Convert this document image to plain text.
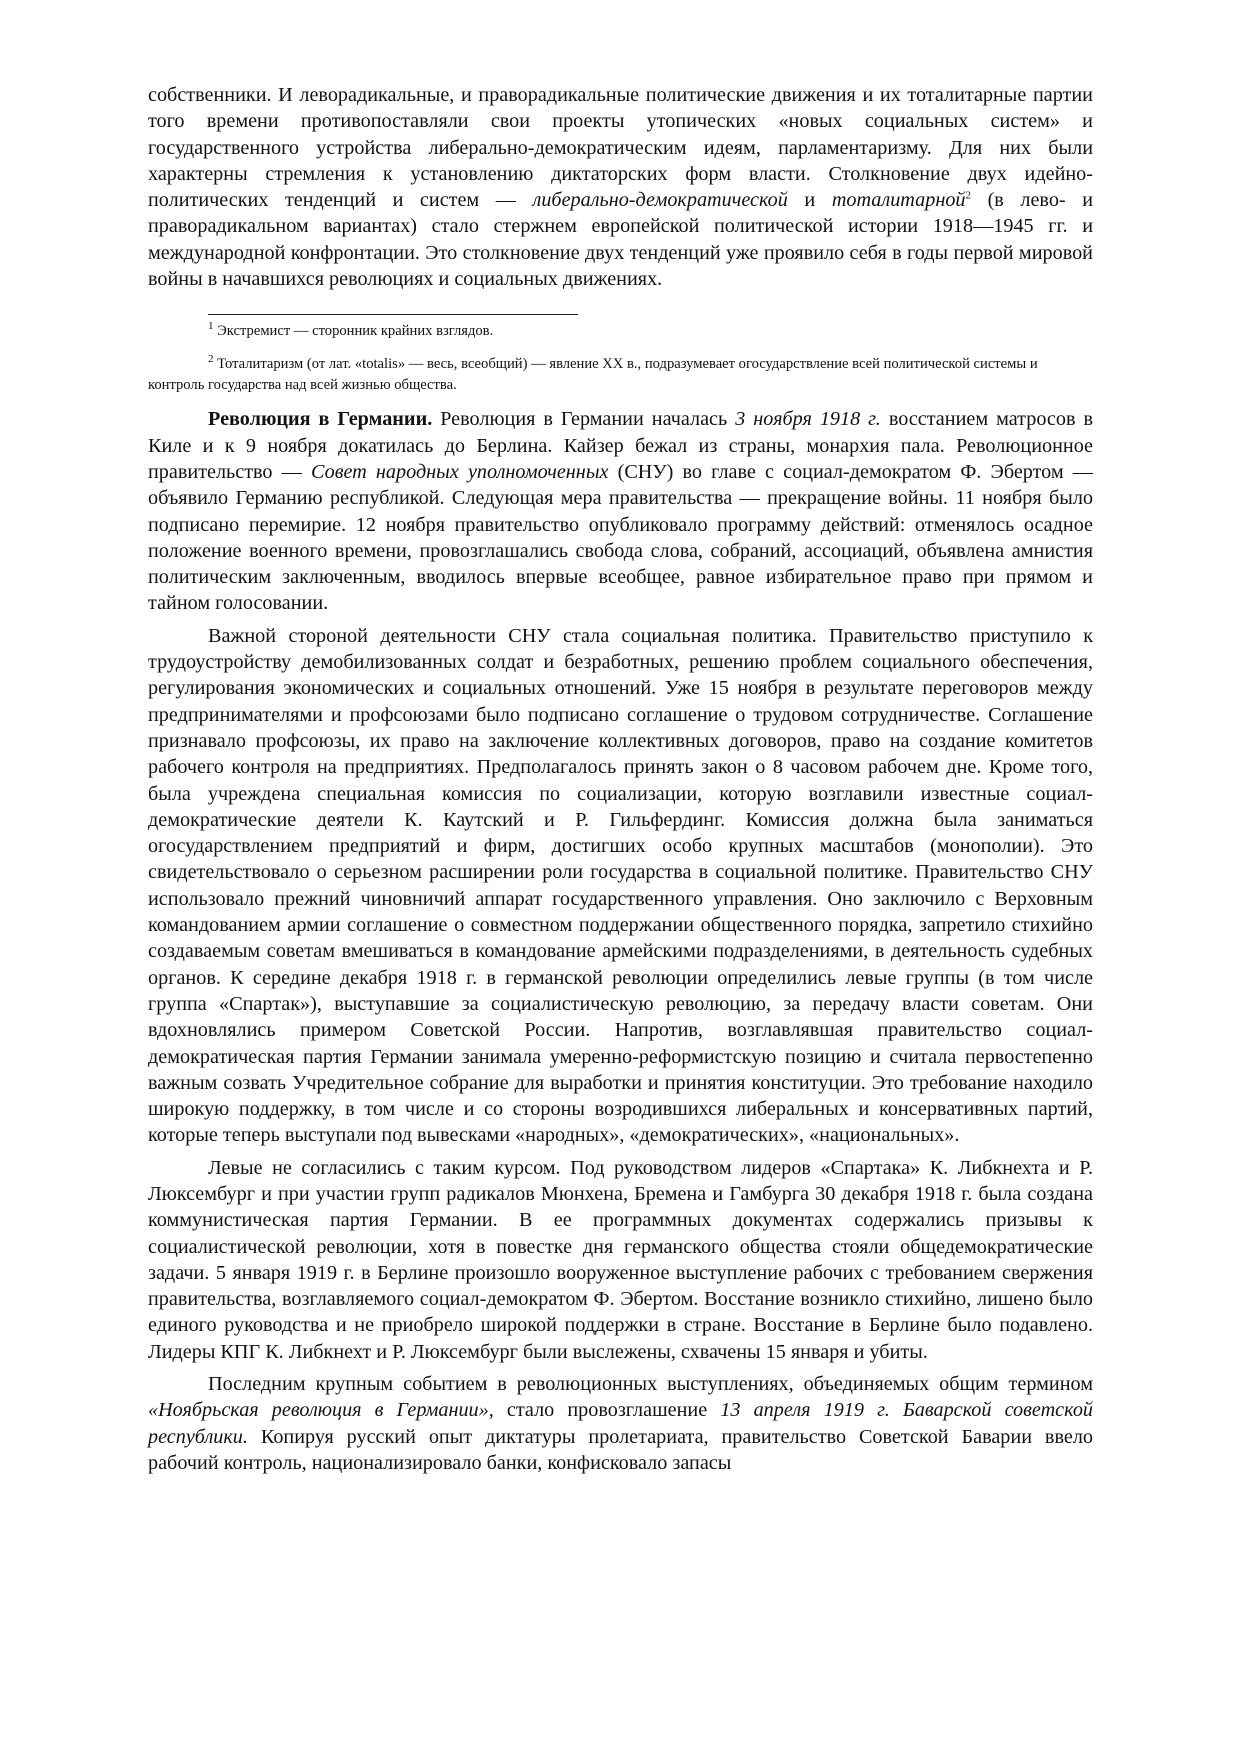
собственники. И леворадикальные, и праворадикальные политические движения и их тоталитарные партии того времени противопоставляли свои проекты утопических «новых социальных систем» и государственного устройства либерально-демократическим идеям, парламентаризму. Для них были характерны стремления к установлению диктаторских форм власти. Столкновение двух идейно-политических тенденций и систем — либерально-демократической и тоталитарной$^2$ (в лево- и праворадикальном вариантах) стало стержнем европейской политической истории 1918—1945 гг. и международной конфронтации. Это столкновение двух тенденций уже проявило себя в годы первой мировой войны в начавшихся революциях и социальных движениях.

$^1$ Экстремист — сторонник крайних взглядов.

$^2$ Тоталитаризм (от лат. «totalis» — весь, всеобщий) — явление XX в., подразумевает огосударствление всей политической системы и контроль государства над всей жизнью общества.

Революция в Германии. Революция в Германии началась 3 ноября 1918 г. восстанием матросов в Киле и к 9 ноября докатилась до Берлина. Кайзер бежал из страны, монархия пала. Революционное правительство — Совет народных уполномоченных (СНУ) во главе с социал-демократом Ф. Эбертом — объявило Германию республикой. Следующая мера правительства — прекращение войны. 11 ноября было подписано перемирие. 12 ноября правительство опубликовало программу действий: отменялось осадное положение военного времени, провозглашались свобода слова, собраний, ассоциаций, объявлена амнистия политическим заключенным, вводилось впервые всеобщее, равное избирательное право при прямом и тайном голосовании.

Важной стороной деятельности СНУ стала социальная политика. Правительство приступило к трудоустройству демобилизованных солдат и безработных, решению проблем социального обеспечения, регулирования экономических и социальных отношений. Уже 15 ноября в результате переговоров между предпринимателями и профсоюзами было подписано соглашение о трудовом сотрудничестве. Соглашение признавало профсоюзы, их право на заключение коллективных договоров, право на создание комитетов рабочего контроля на предприятиях. Предполагалось принять закон о 8 часовом рабочем дне. Кроме того, была учреждена специальная комиссия по социализации, которую возглавили известные социал-демократические деятели К. Каутский и Р. Гильфердинг. Комиссия должна была заниматься огосударствлением предприятий и фирм, достигших особо крупных масштабов (монополии). Это свидетельствовало о серьезном расширении роли государства в социальной политике. Правительство СНУ использовало прежний чиновничий аппарат государственного управления. Оно заключило с Верховным командованием армии соглашение о совместном поддержании общественного порядка, запретило стихийно создаваемым советам вмешиваться в командование армейскими подразделениями, в деятельность судебных органов. К середине декабря 1918 г. в германской революции определились левые группы (в том числе группа «Спартак»), выступавшие за социалистическую революцию, за передачу власти советам. Они вдохновлялись примером Советской России. Напротив, возглавлявшая правительство социал-демократическая партия Германии занимала умеренно-реформистскую позицию и считала первостепенно важным созвать Учредительное собрание для выработки и принятия конституции. Это требование находило широкую поддержку, в том числе и со стороны возродившихся либеральных и консервативных партий, которые теперь выступали под вывесками «народных», «демократических», «национальных».

Левые не согласились с таким курсом. Под руководством лидеров «Спартака» К. Либкнехта и Р. Люксембург и при участии групп радикалов Мюнхена, Бремена и Гамбурга 30 декабря 1918 г. была создана коммунистическая партия Германии. В ее программных документах содержались призывы к социалистической революции, хотя в повестке дня германского общества стояли общедемократические задачи. 5 января 1919 г. в Берлине произошло вооруженное выступление рабочих с требованием свержения правительства, возглавляемого социал-демократом Ф. Эбертом. Восстание возникло стихийно, лишено было единого руководства и не приобрело широкой поддержки в стране. Восстание в Берлине было подавлено. Лидеры КПГ К. Либкнехт и Р. Люксембург были выслежены, схвачены 15 января и убиты.

Последним крупным событием в революционных выступлениях, объединяемых общим термином «Ноябрьская революция в Германии», стало провозглашение 13 апреля 1919 г. Баварской советской республики. Копируя русский опыт диктатуры пролетариата, правительство Советской Баварии ввело рабочий контроль, национализировало банки, конфисковало запасы
